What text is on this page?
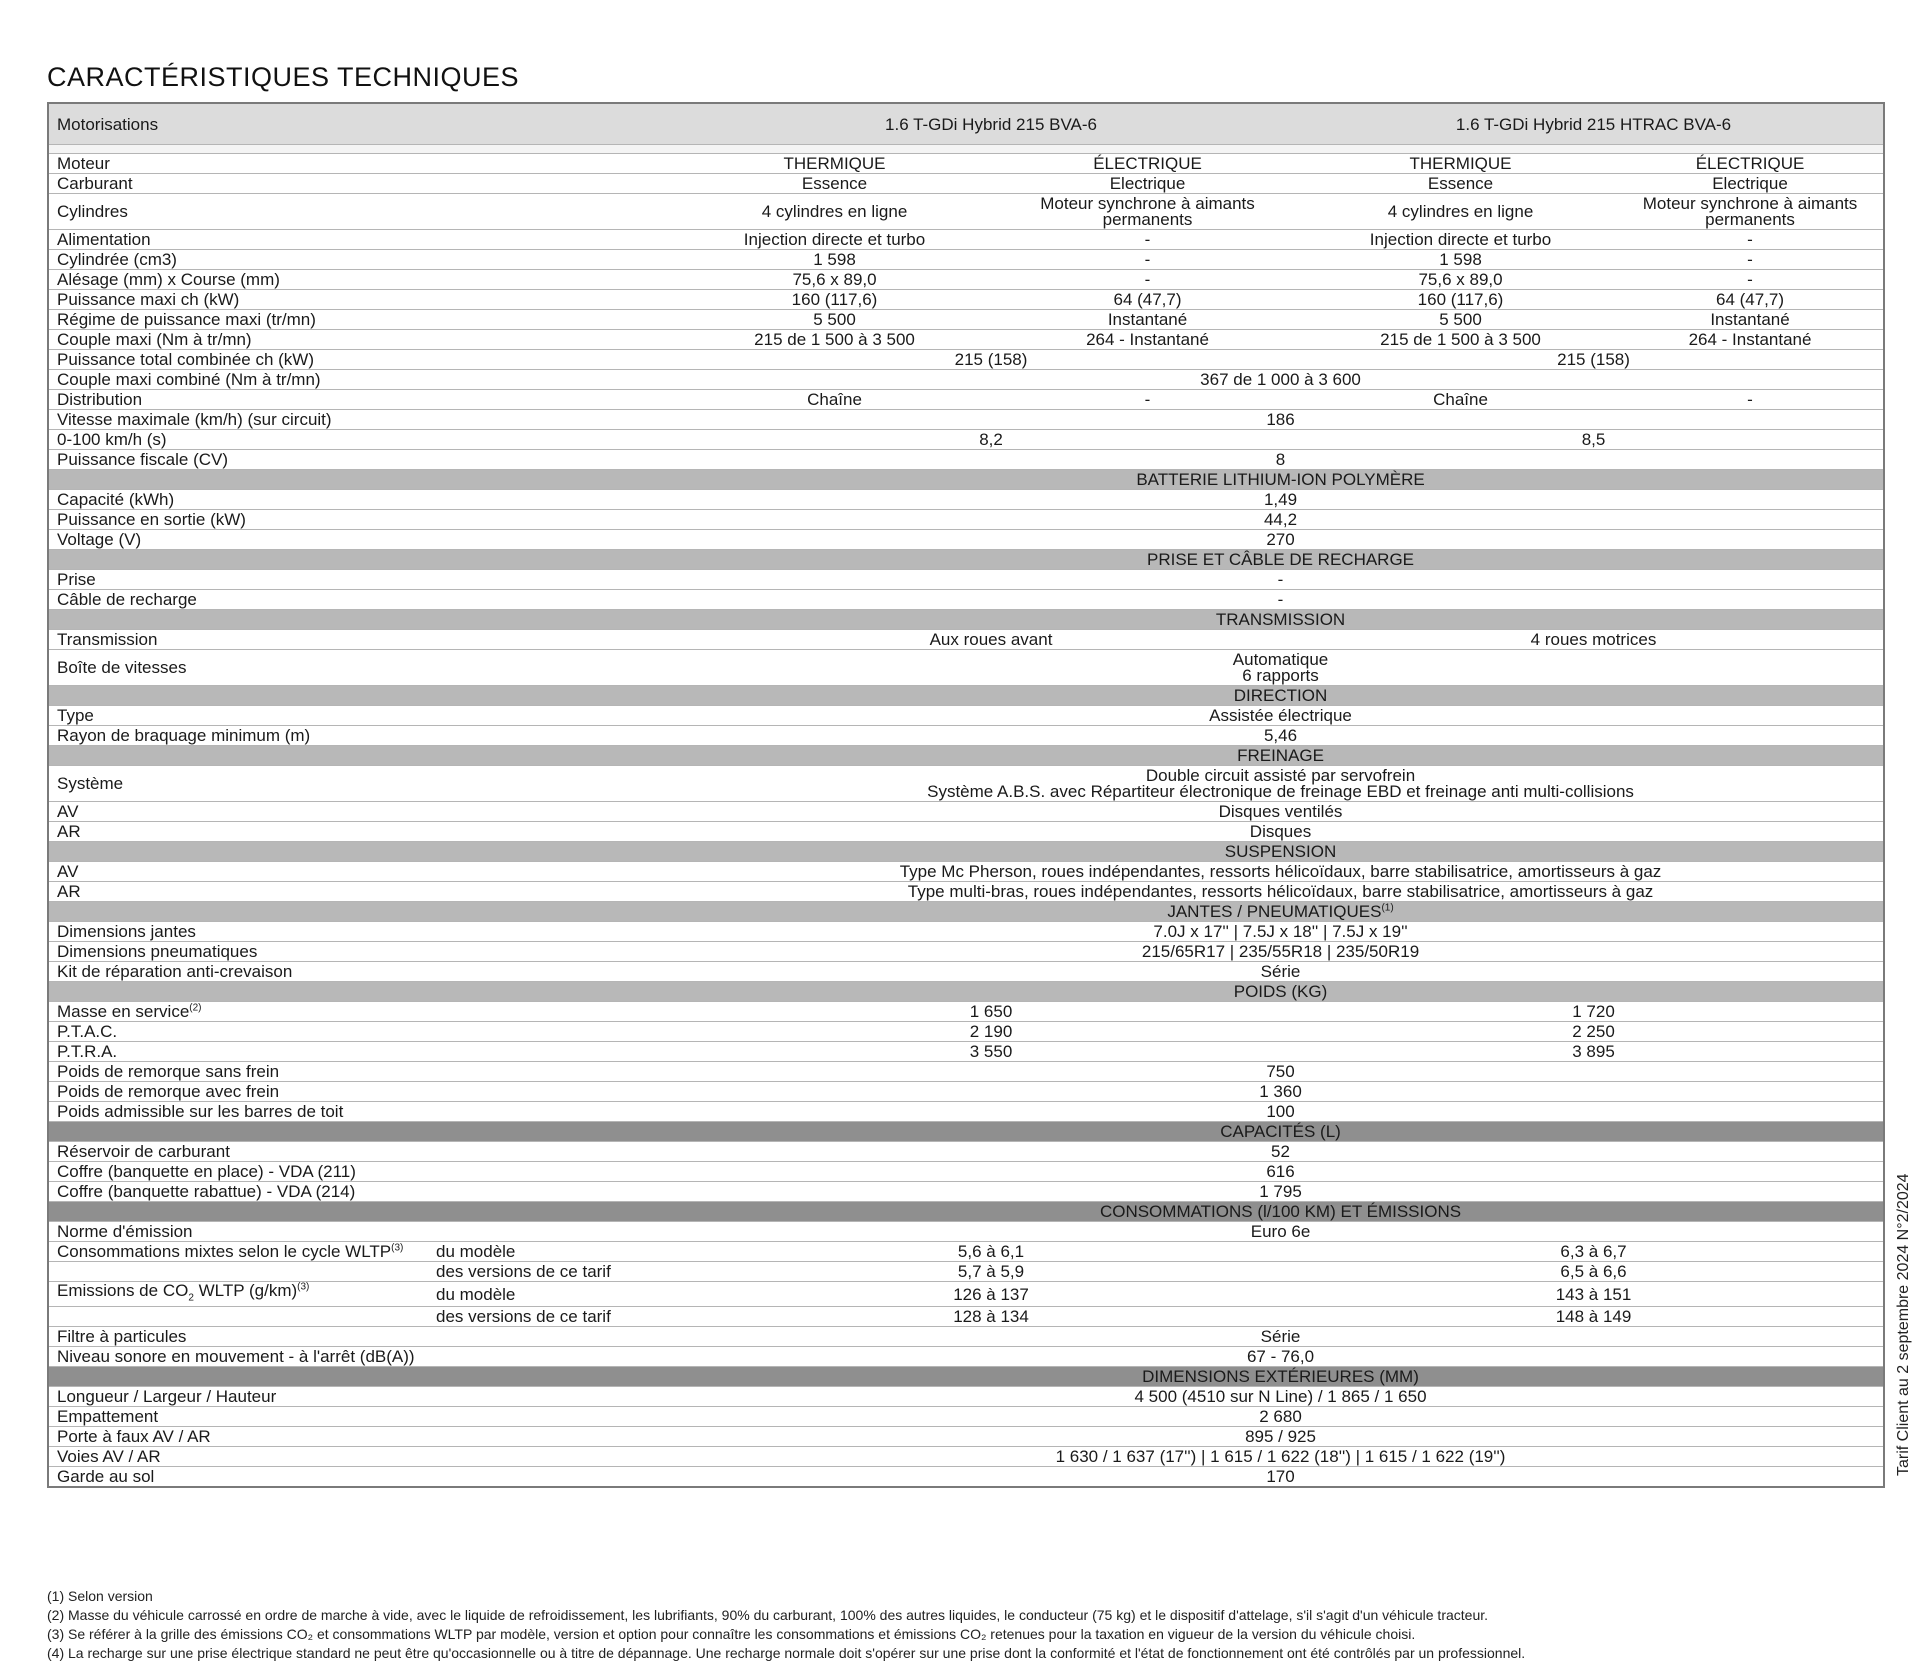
CARACTÉRISTIQUES TECHNIQUES
Motorisations		1.6 T-GDi Hybrid 215 BVA-6		1.6 T-GDi Hybrid 215 HTRAC BVA-6	

Moteur		THERMIQUE	ÉLECTRIQUE	THERMIQUE	ÉLECTRIQUE
Carburant		Essence	Electrique	Essence	Electrique
Cylindres		4 cylindres en ligne	Moteur synchrone à aimants permanents	4 cylindres en ligne	Moteur synchrone à aimants permanents
Alimentation		Injection directe et turbo	-	Injection directe et turbo	-
Cylindrée (cm3)		1 598	-	1 598	-
Alésage (mm) x Course (mm)		75,6 x 89,0	-	75,6 x 89,0	-
Puissance maxi ch (kW)		160 (117,6)	64 (47,7)	160 (117,6)	64 (47,7)
Régime de puissance maxi (tr/mn)		5 500	Instantané	5 500	Instantané
Couple maxi (Nm à tr/mn)		215 de 1 500 à 3 500	264 - Instantané	215 de 1 500 à 3 500	264 - Instantané
Puissance total combinée ch (kW)		215 (158)		215 (158)	
Couple maxi combiné (Nm à tr/mn)		367 de 1 000 à 3 600			
Distribution		Chaîne	-	Chaîne	-
Vitesse maximale (km/h) (sur circuit)		186			
0-100 km/h (s)		8,2		8,5	
Puissance fiscale (CV)		8			
		BATTERIE LITHIUM-ION POLYMÈRE			
Capacité (kWh)		1,49			
Puissance en sortie (kW)		44,2			
Voltage (V)		270			
		PRISE ET CÂBLE DE RECHARGE			
Prise		-			
Câble de recharge		-			
		TRANSMISSION			
Transmission		Aux roues avant		4 roues motrices	
Boîte de vitesses		Automatique
6 rapports			

		DIRECTION			
Type		Assistée électrique			
Rayon de braquage minimum (m)		5,46			
		FREINAGE			
Système		Double circuit assisté par servofrein
Système A.B.S. avec Répartiteur électronique de freinage EBD et freinage anti multi-collisions			

AV		Disques ventilés			
AR		Disques			
		SUSPENSION			
AV		Type Mc Pherson, roues indépendantes, ressorts hélicoïdaux, barre stabilisatrice, amortisseurs à gaz			
AR		Type multi-bras, roues indépendantes, ressorts hélicoïdaux, barre stabilisatrice, amortisseurs à gaz			
		JANTES / PNEUMATIQUES$^{(1)}$
Dimensions jantes		7.0J x 17'' | 7.5J x 18'' | 7.5J x 19''			
Dimensions pneumatiques		215/65R17 | 235/55R18 | 235/50R19			
Kit de réparation anti-crevaison		Série			
		POIDS (KG)			
Masse en service$^{(2)}$		1 650		1 720	
P.T.A.C.		2 190		2 250	
P.T.R.A.		3 550		3 895	
Poids de remorque sans frein		750			
Poids de remorque avec frein		1 360			
Poids admissible sur les barres de toit		100			
		CAPACITÉS (L)			
Réservoir de carburant		52			
Coffre (banquette en place) - VDA (211)		616			
Coffre (banquette rabattue) - VDA (214)		1 795			
		CONSOMMATIONS (l/100 KM) ET ÉMISSIONS			
Norme d'émission		Euro 6e			
Consommations mixtes selon le cycle WLTP$^{(3)}$	du modèle	5,6 à 6,1		6,3 à 6,7	
	des versions de ce tarif	5,7 à 5,9		6,5 à 6,6	
Emissions de $CO_2$ WLTP $(g/km)^{(3)}$	du modèle	126 à 137		143 à 151	
	des versions de ce tarif	128 à 134		148 à 149	
Filtre à particules		Série			
Niveau sonore en mouvement - à l'arrêt (dB(A))		67 - 76,0			
		DIMENSIONS EXTÉRIEURES (MM)			
Longueur / Largeur / Hauteur		4 500 (4510 sur N Line) / 1 865 / 1 650			
Empattement		2 680			
Porte à faux AV / AR		895 / 925			
Voies AV / AR		1 630 / 1 637 (17'') | 1 615 / 1 622 (18'') | 1 615 / 1 622 (19'')			
Garde au sol		170			
Tarif Client au 2 septembre 2024 N°2/2024
(1) Selon version
(2) Masse du véhicule carrossé en ordre de marche à vide, avec le liquide de refroidissement, les lubrifiants, 90% du carburant, 100% des autres liquides, le conducteur (75 kg) et le dispositif d'attelage, s'il s'agit d'un véhicule tracteur.
(3) Se référer à la grille des émissions CO₂ et consommations WLTP par modèle, version et option pour connaître les consommations et émissions CO₂ retenues pour la taxation en vigueur de la version du véhicule choisi.
(4) La recharge sur une prise électrique standard ne peut être qu'occasionnelle ou à titre de dépannage. Une recharge normale doit s'opérer sur une prise dont la conformité et l'état de fonctionnement ont été contrôlés par un professionnel.
